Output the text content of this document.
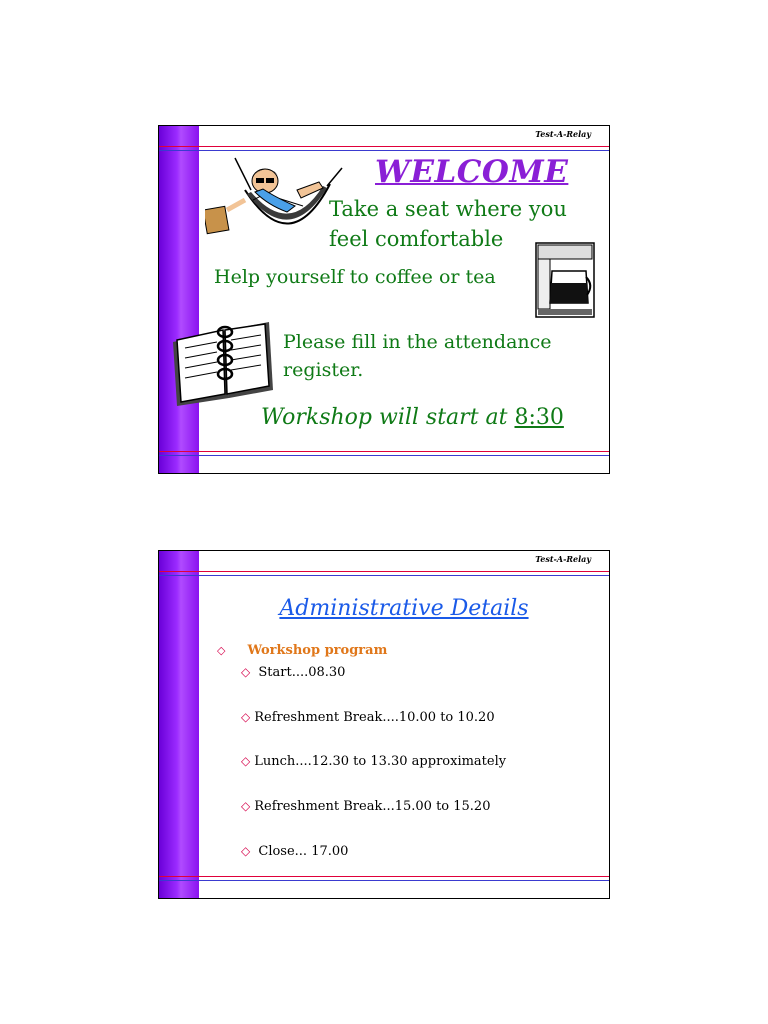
Test-A-Relay
WELCOME
Take a seat where you feel comfortable
Help yourself to coffee or tea
Please fill in the attendance register.
Workshop will start at 8:30
Test-A-Relay
Administrative Details
◇ Workshop program
◇ Start....08.30
◇ Refreshment Break....10.00 to 10.20
◇ Lunch....12.30 to 13.30 approximately
◇ Refreshment Break...15.00 to 15.20
◇ Close... 17.00
